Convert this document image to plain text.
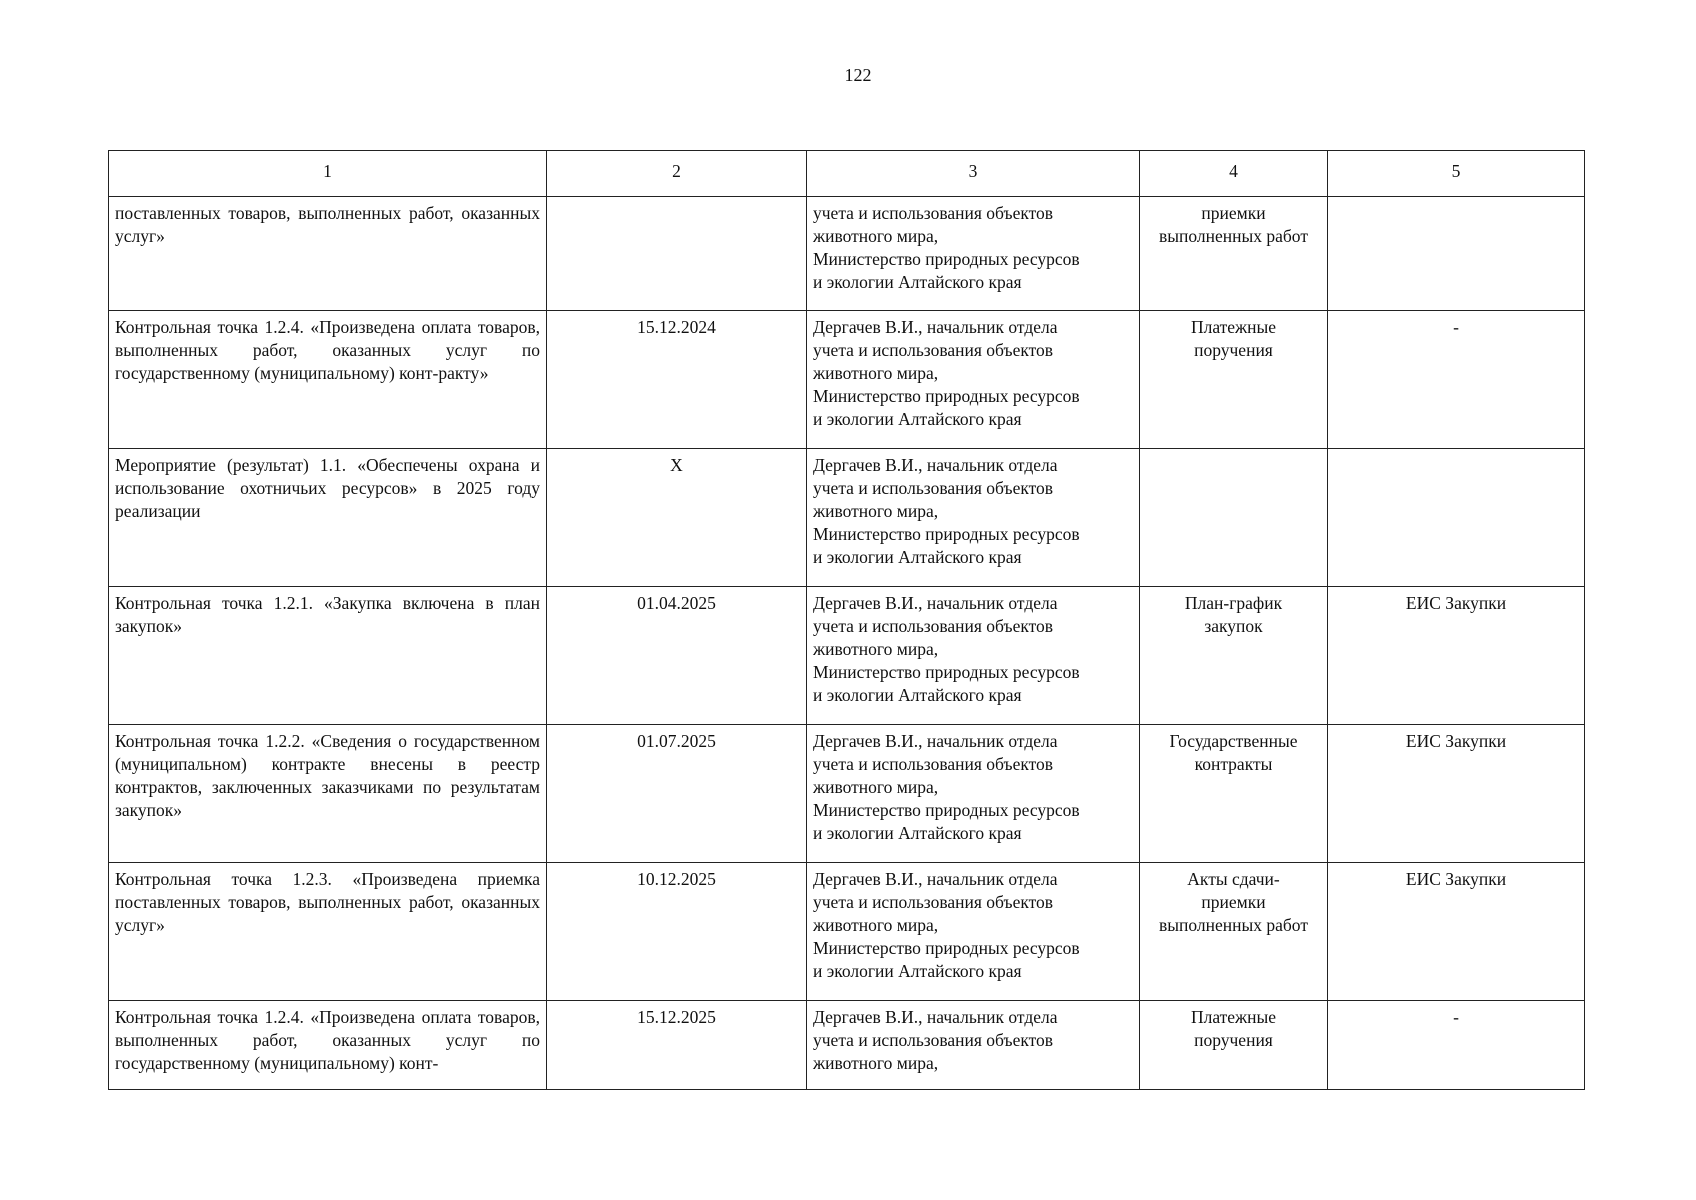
122
1	2	3	4	5
поставленных товаров, выполненных работ, оказанных услуг»		учета и использования объектов
животного мира,
Министерство природных ресурсов
и экологии Алтайского края	приемки
выполненных работ	
Контрольная точка 1.2.4. «Произведена оплата товаров, выполненных работ, оказанных услуг по государственному (муниципальному) конт-ракту»	15.12.2024	Дергачев В.И., начальник отдела
учета и использования объектов
животного мира,
Министерство природных ресурсов
и экологии Алтайского края	Платежные
поручения	-
Мероприятие (результат) 1.1. «Обеспечены охрана и использование охотничьих ресурсов» в 2025 году реализации	Х	Дергачев В.И., начальник отдела
учета и использования объектов
животного мира,
Министерство природных ресурсов
и экологии Алтайского края		
Контрольная точка 1.2.1. «Закупка включена в план закупок»	01.04.2025	Дергачев В.И., начальник отдела
учета и использования объектов
животного мира,
Министерство природных ресурсов
и экологии Алтайского края	План-график
закупок	ЕИС Закупки
Контрольная точка 1.2.2. «Сведения о государственном (муниципальном) контракте внесены в реестр контрактов, заключенных заказчиками по результатам закупок»	01.07.2025	Дергачев В.И., начальник отдела
учета и использования объектов
животного мира,
Министерство природных ресурсов
и экологии Алтайского края	Государственные
контракты	ЕИС Закупки
Контрольная точка 1.2.3. «Произведена приемка поставленных товаров, выполненных работ, оказанных услуг»	10.12.2025	Дергачев В.И., начальник отдела
учета и использования объектов
животного мира,
Министерство природных ресурсов
и экологии Алтайского края	Акты сдачи-
приемки
выполненных работ	ЕИС Закупки
Контрольная точка 1.2.4. «Произведена оплата товаров, выполненных работ, оказанных услуг по государственному (муниципальному) конт-	15.12.2025	Дергачев В.И., начальник отдела
учета и использования объектов
животного мира,	Платежные
поручения	-
